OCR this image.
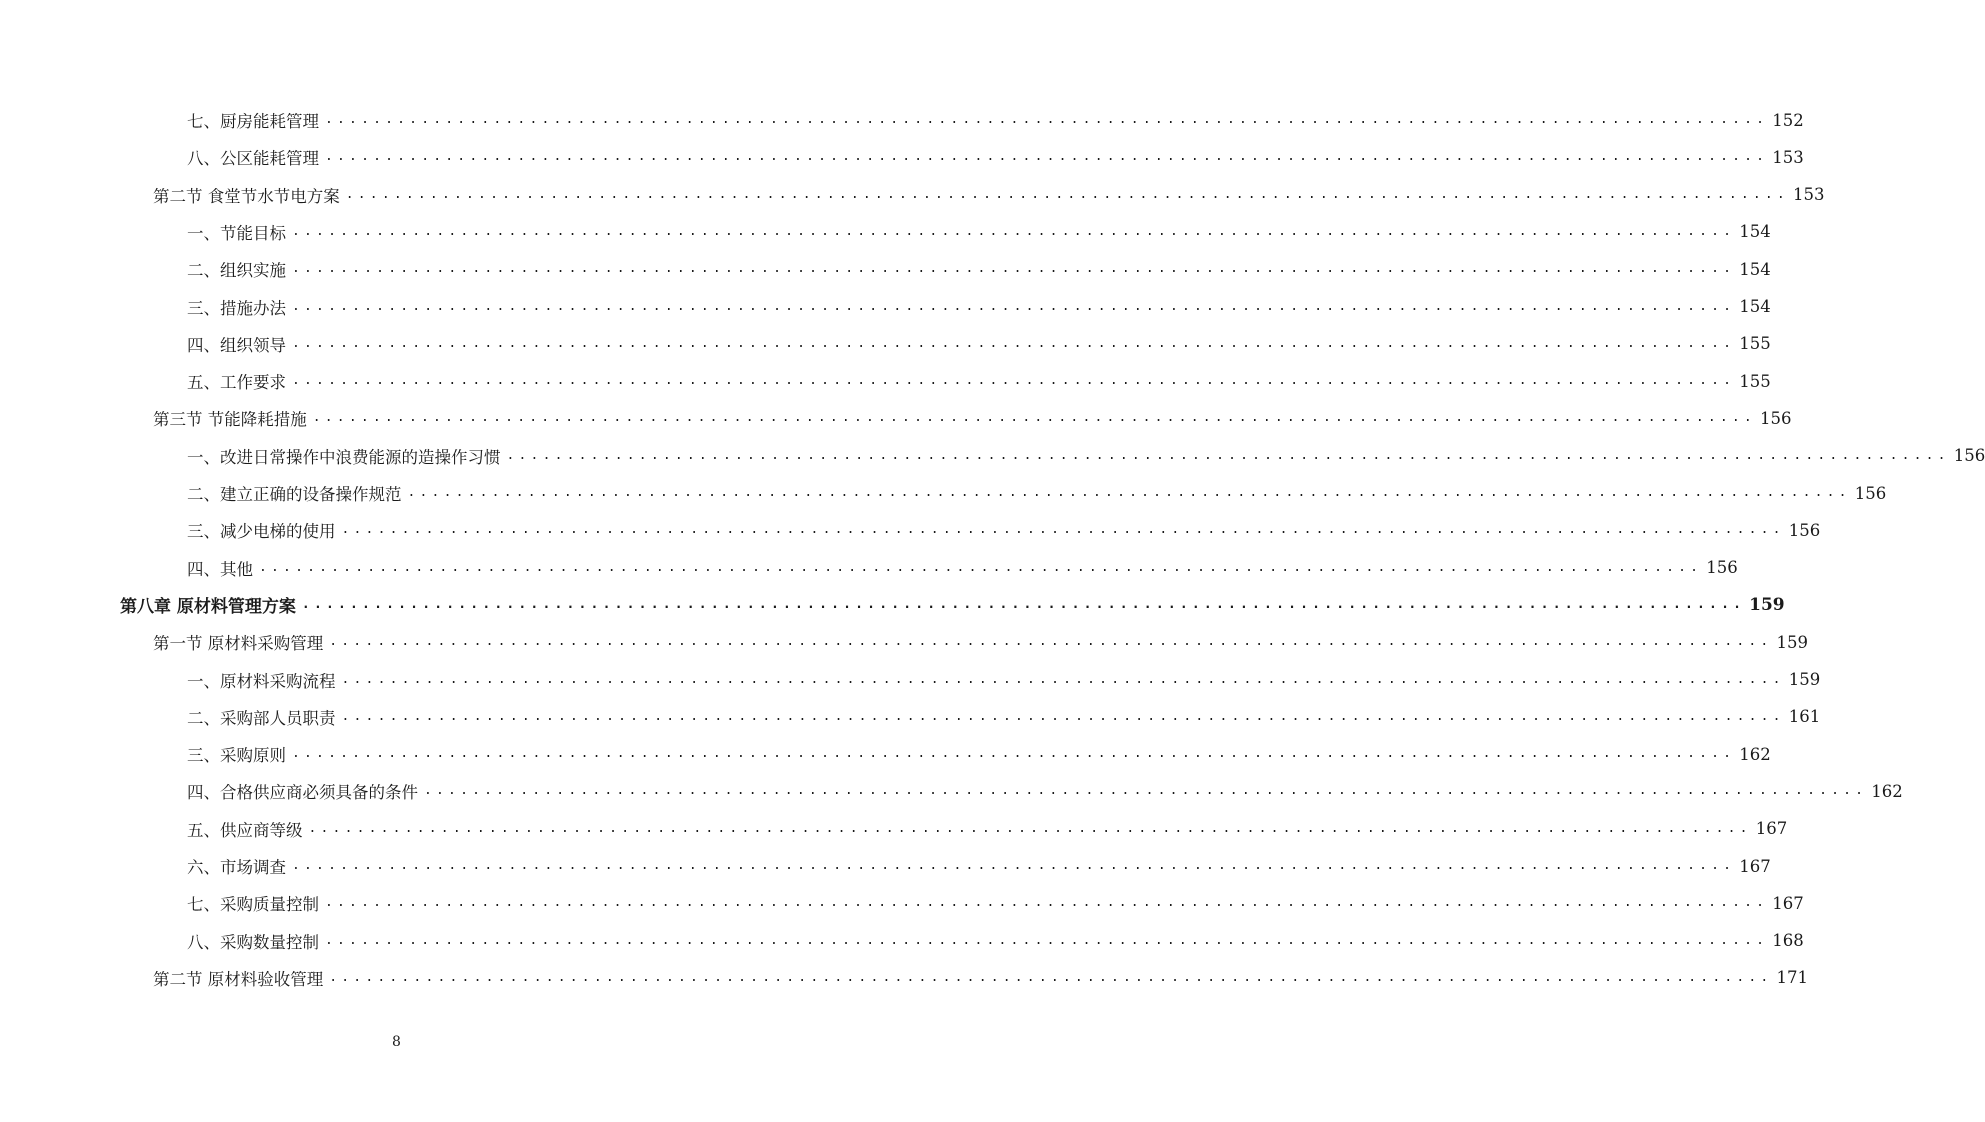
七、厨房能耗管理 ........................................................................................................................ 152
八、公区能耗管理 ........................................................................................................................ 153
第二节 食堂节水节电方案 ........................................................................................................................ 153
一、节能目标 ........................................................................................................................ 154
二、组织实施 ........................................................................................................................ 154
三、措施办法 ........................................................................................................................ 154
四、组织领导 ........................................................................................................................ 155
五、工作要求 ........................................................................................................................ 155
第三节 节能降耗措施 ........................................................................................................................ 156
一、改进日常操作中浪费能源的造操作习惯 ........................................................................................................................ 156
二、建立正确的设备操作规范 ........................................................................................................................ 156
三、减少电梯的使用 ........................................................................................................................ 156
四、其他 ........................................................................................................................ 156
第八章 原材料管理方案 ........................................................................................................................ 159
第一节 原材料采购管理 ........................................................................................................................ 159
一、原材料采购流程 ........................................................................................................................ 159
二、采购部人员职责 ........................................................................................................................ 161
三、采购原则 ........................................................................................................................ 162
四、合格供应商必须具备的条件 ........................................................................................................................ 162
五、供应商等级 ........................................................................................................................ 167
六、市场调查 ........................................................................................................................ 167
七、采购质量控制 ........................................................................................................................ 167
八、采购数量控制 ........................................................................................................................ 168
第二节 原材料验收管理 ........................................................................................................................ 171
8
